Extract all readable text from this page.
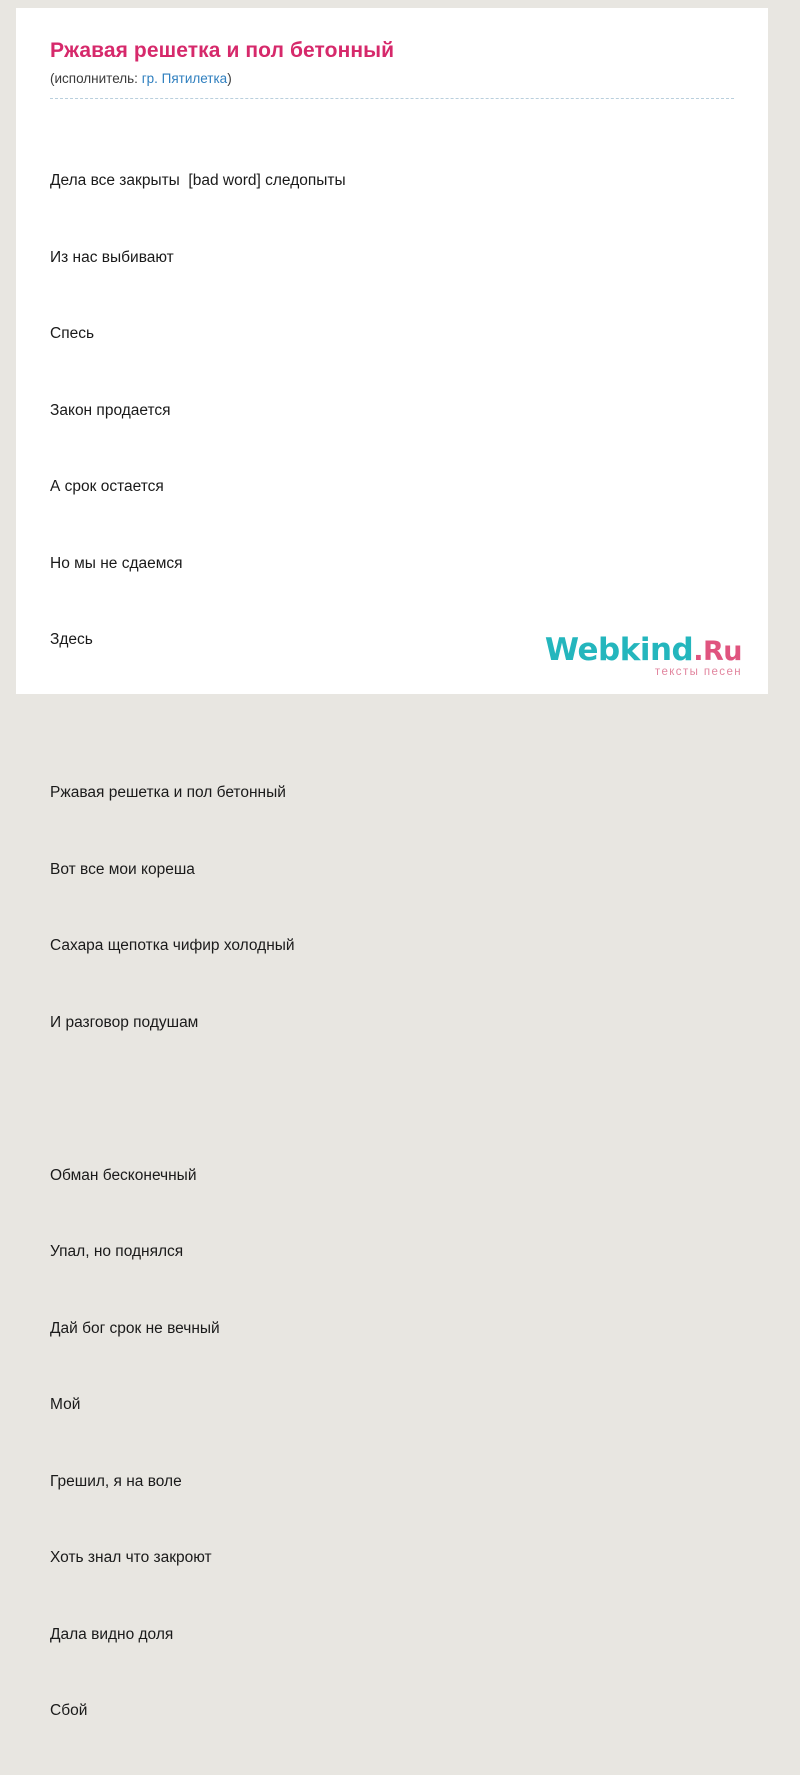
Ржавая решетка и пол бетонный
(исполнитель: гр. Пятилетка)

Дела все закрыты  [bad word] следопыты

Из нас выбивают

Спесь

Закон продается

А срок остается

Но мы не сдаемся

Здесь

Ржавая решетка и пол бетонный

Вот все мои кореша

Сахара щепотка чифир холодный

И разговор подушам

Обман бесконечный

Упал, но поднялся

Дай бог срок не вечный

Мой

Грешил, я на воле

Хоть знал что закроют

Дала видно доля

Сбой

Webkind.Ru
тексты песен
